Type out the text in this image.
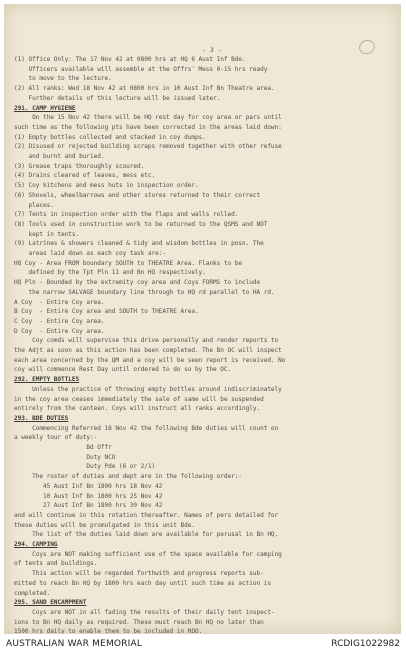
- 3 -
(1) Office Only: The 17 Nov 42 at 0800 hrs at HQ 6 Aust Inf Bde.
Officers available will assemble at the Offrs' Mess 0-15 hrs ready
to move to the lecture.
(2) All ranks: Wed 18 Nov 42 at 0800 hrs in 10 Aust Inf Bn Theatre area.
Further details of this lecture will be issued later.
291. CAMP HYGIENE
On the 15 Nov 42 there will be HQ rest day for coy area or pars until
such time as the following pts have been corrected in the areas laid down:
(1) Empty bottles collected and stacked in coy dumps.
(2) Disused or rejected building scraps removed together with other refuse
and burnt and buried.
(3) Grease traps thoroughly scoured.
(4) Drains cleared of leaves, mess etc.
(5) Coy kitchens and mess huts in inspection order.
(6) Shovels, wheelbarrows and other stores returned to their correct
places.
(7) Tents in inspection order with the flaps and walls rolled.
(8) Tools used in construction work to be returned to the QSMS and NOT
kept in tents.
(9) Latrines & showers cleaned & tidy and wisdom bottles in posn. The
areas laid down as each coy task are:-
HQ Coy - Area FROM boundary SOUTH to THEATRE Area. Flanks to be
defined by the Tpt Pln 11 and Bn HQ respectively.
HQ Pln - Bounded by the extremity coy area and Coys FORMS to include
the narrow SALVAGE boundary line through to HQ rd parallel to HA rd.
A Coy  - Entire Coy area.
B Coy  - Entire Coy area and SOUTH to THEATRE Area.
C Coy  - Entire Coy area.
D Coy  - Entire Coy area.
Coy comds will supervise this drive personally and render reports to
the Adjt as soon as this action has been completed. The Bn OC will inspect
each area concerned by the QM and a coy will be seen report is received. No
coy will commence Rest Day until ordered to do so by the OC.
292. EMPTY BOTTLES
Unless the practice of throwing empty bottles around indiscriminately
in the coy area ceases immediately the sale of same will be suspended
entirely from the canteen. Coys will instruct all ranks accordingly.
293. BDE DUTIES
Commencing Referred 18 Nov 42 the following Bde duties will count on
a weekly tour of duty:-
Bd Offr
Duty NCO
Duty Pde (6 or 2/1)
The roster of duties and dept are in the following order:-
45 Aust Inf Bn 1800 hrs 18 Nov 42
10 Aust Inf Bn 1800 hrs 25 Nov 42
27 Aust Inf Bn 1800 hrs 30 Nov 42
and will continue in this rotation thereafter. Names of pers detailed for
these duties will be promulgated in this unit Bde.
The list of the duties laid down are available for perusal in Bn HQ.
294. CAMPING
Coys are NOT making sufficient use of the space available for camping
of tents and buildings.
This action will be regarded forthwith and progress reports sub-
mitted to reach Bn HQ by 1800 hrs each day until such time as action is
completed.
295. SAND ENCAMPMENT
Coys are NOT in all fading the results of their daily tent inspect-
ions to Bn HQ daily as required. These must reach Bn HQ no later than
1500 hrs daily to enable them to be included in ROO.
AUSTRALIAN WAR MEMORIAL	RCDIG1022982
